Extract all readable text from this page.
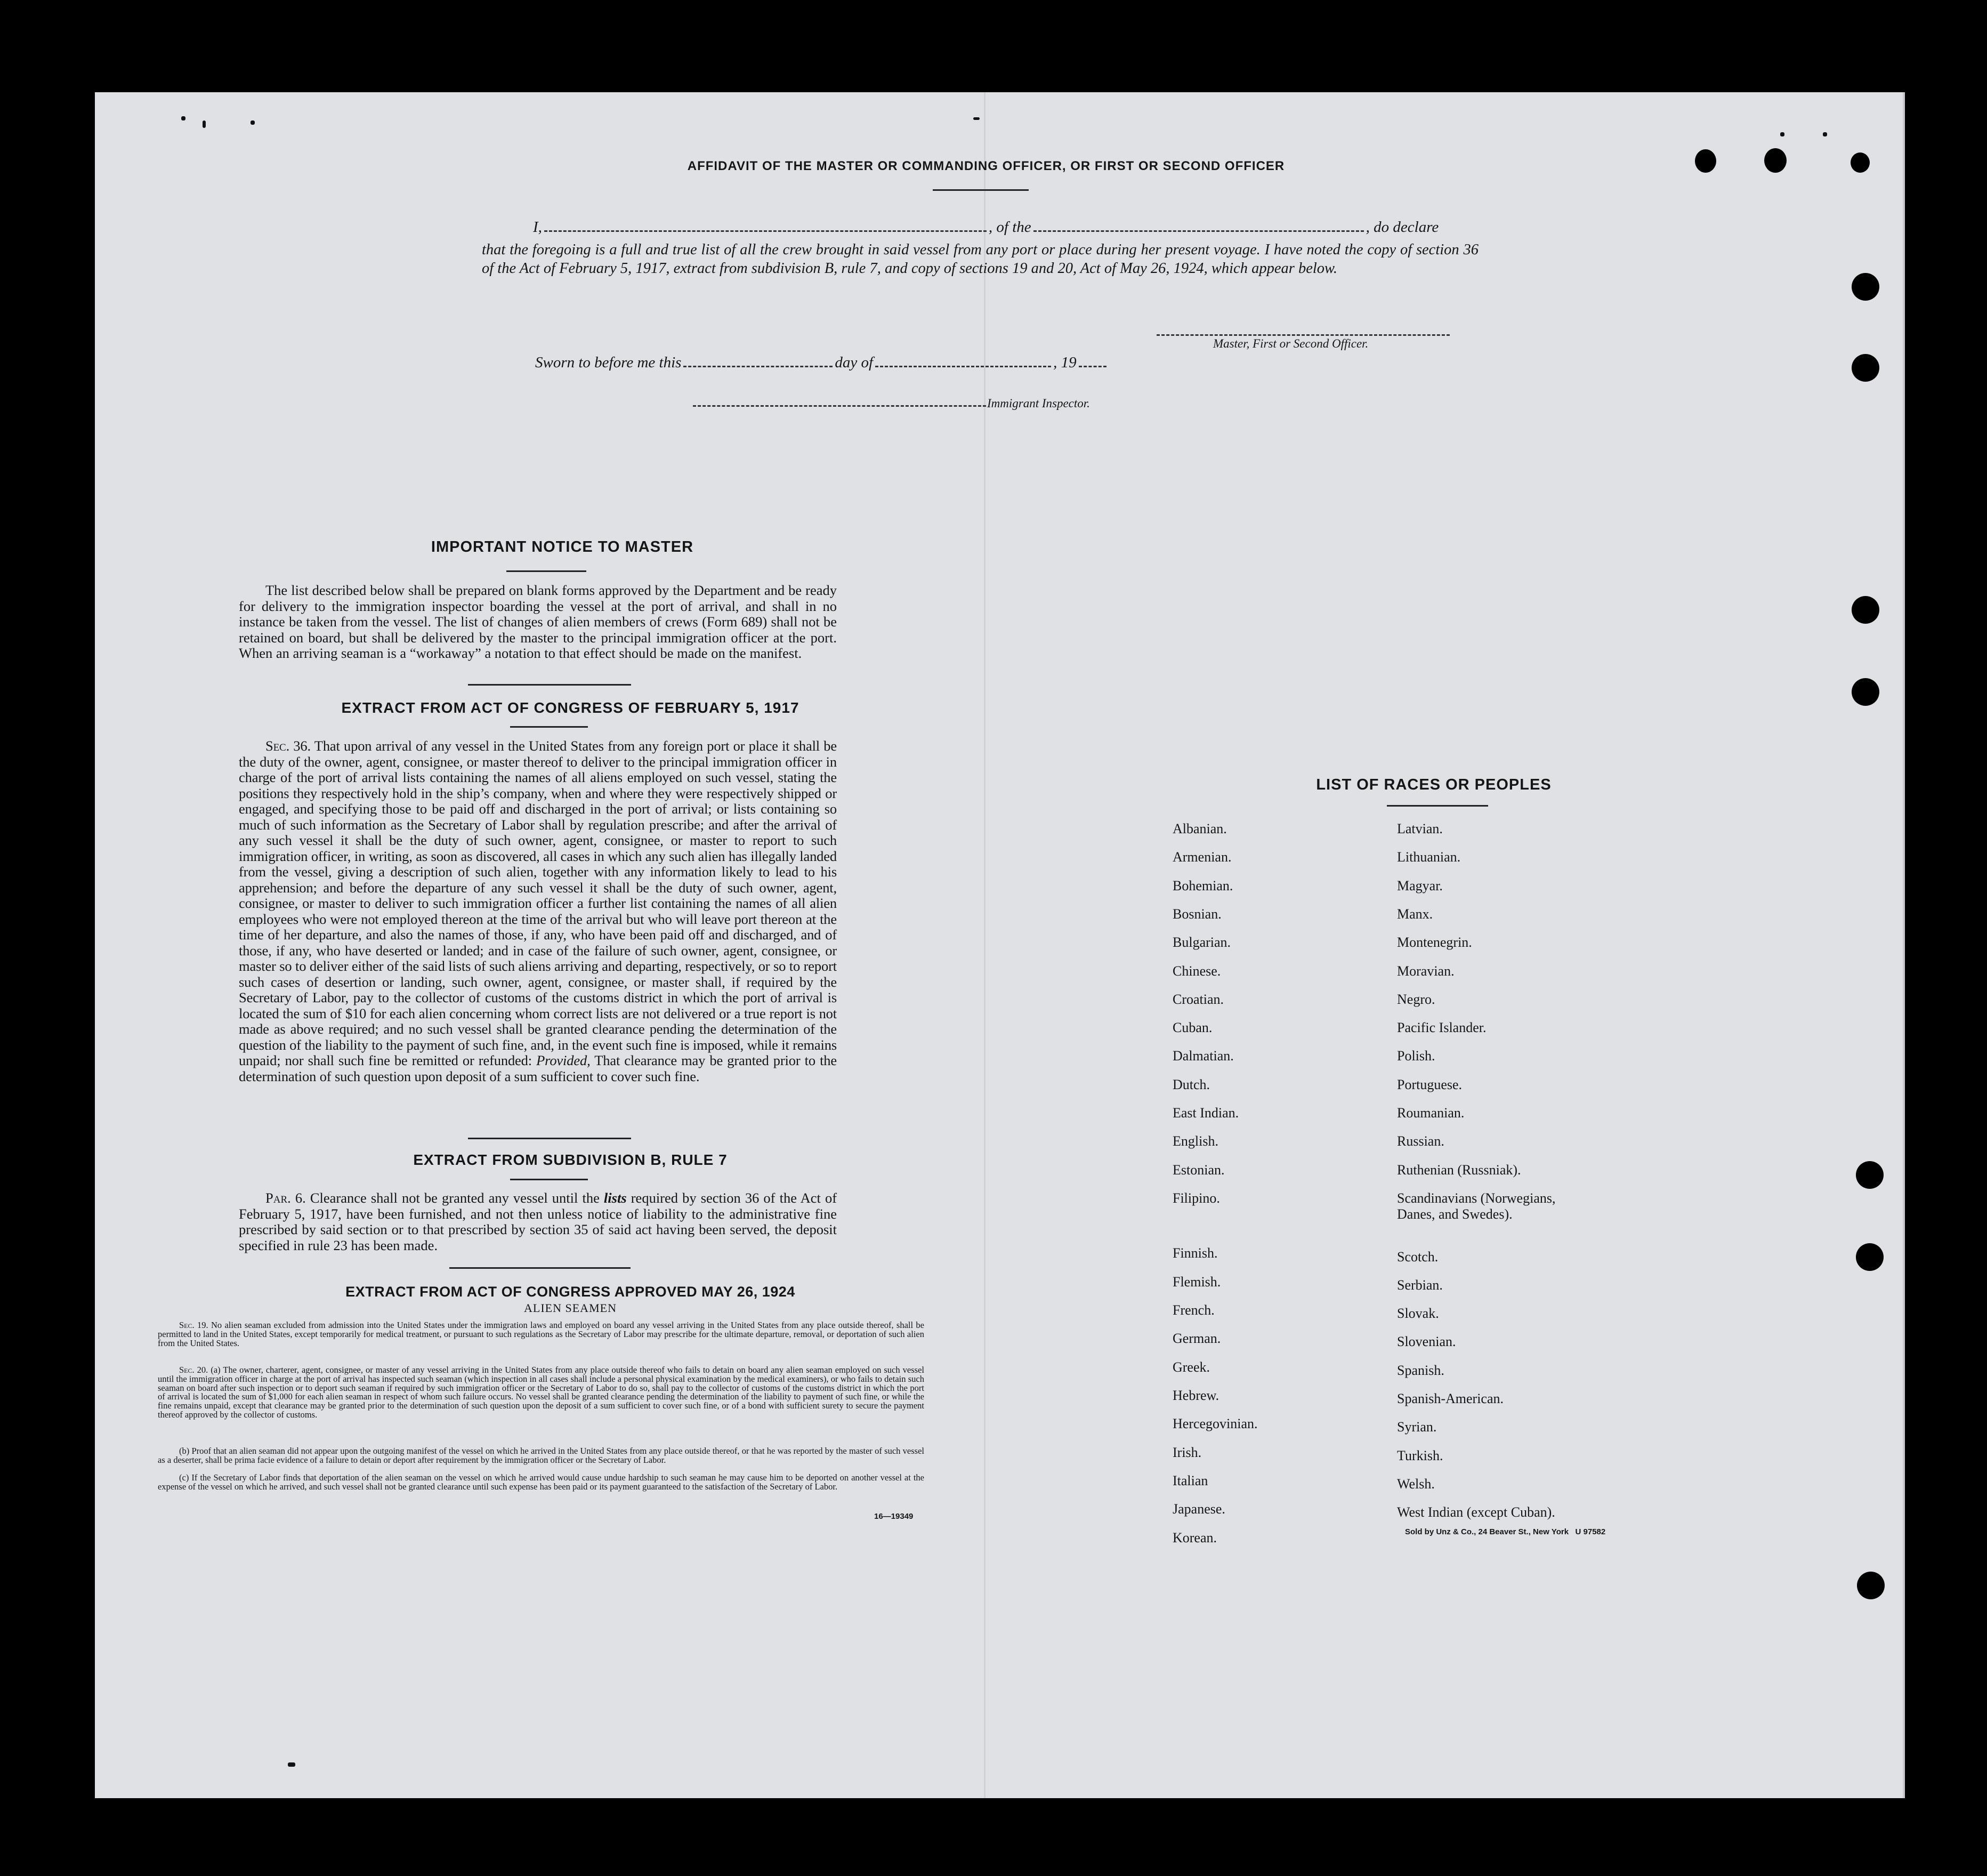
AFFIDAVIT OF THE MASTER OR COMMANDING OFFICER, OR FIRST OR SECOND OFFICER
I,	, of the	, do declare

that the foregoing is a full and true list of all the crew brought in said vessel from any port or place during her present voyage. I have noted the copy of section 36 of the Act of February 5, 1917, extract from subdivision B, rule 7, and copy of sections 19 and 20, Act of May 26, 1924, which appear below.

Master, First or Second Officer.
Sworn to before me this	day of	, 19
Immigrant Inspector.
IMPORTANT NOTICE TO MASTER

The list described below shall be prepared on blank forms approved by the Department and be ready for delivery to the immigration inspector boarding the vessel at the port of arrival, and shall in no instance be taken from the vessel. The list of changes of alien members of crews (Form 689) shall not be retained on board, but shall be delivered by the master to the principal immigration officer at the port. When an arriving seaman is a “workaway” a notation to that effect should be made on the manifest.

EXTRACT FROM ACT OF CONGRESS OF FEBRUARY 5, 1917

Sec. 36. That upon arrival of any vessel in the United States from any foreign port or place it shall be the duty of the owner, agent, consignee, or master thereof to deliver to the principal immigration officer in charge of the port of arrival lists containing the names of all aliens employed on such vessel, stating the positions they respectively hold in the ship’s company, when and where they were respectively shipped or engaged, and specifying those to be paid off and discharged in the port of arrival; or lists containing so much of such information as the Secretary of Labor shall by regulation prescribe; and after the arrival of any such vessel it shall be the duty of such owner, agent, consignee, or master to report to such immigration officer, in writing, as soon as discovered, all cases in which any such alien has illegally landed from the vessel, giving a description of such alien, together with any information likely to lead to his apprehension; and before the departure of any such vessel it shall be the duty of such owner, agent, consignee, or master to deliver to such immigration officer a further list containing the names of all alien employees who were not employed thereon at the time of the arrival but who will leave port thereon at the time of her departure, and also the names of those, if any, who have been paid off and discharged, and of those, if any, who have deserted or landed; and in case of the failure of such owner, agent, consignee, or master so to deliver either of the said lists of such aliens arriving and departing, respectively, or so to report such cases of desertion or landing, such owner, agent, consignee, or master shall, if required by the Secretary of Labor, pay to the collector of customs of the customs district in which the port of arrival is located the sum of $10 for each alien concerning whom correct lists are not delivered or a true report is not made as above required; and no such vessel shall be granted clearance pending the determination of the question of the liability to the payment of such fine, and, in the event such fine is imposed, while it remains unpaid; nor shall such fine be remitted or refunded: Provided, That clearance may be granted prior to the determination of such question upon deposit of a sum sufficient to cover such fine.

EXTRACT FROM SUBDIVISION B, RULE 7

Par. 6. Clearance shall not be granted any vessel until the lists required by section 36 of the Act of February 5, 1917, have been furnished, and not then unless notice of liability to the administrative fine prescribed by said section or to that prescribed by section 35 of said act having been served, the deposit specified in rule 23 has been made.

EXTRACT FROM ACT OF CONGRESS APPROVED MAY 26, 1924
ALIEN SEAMEN

Sec. 19. No alien seaman excluded from admission into the United States under the immigration laws and employed on board any vessel arriving in the United States from any place outside thereof, shall be permitted to land in the United States, except temporarily for medical treatment, or pursuant to such regulations as the Secretary of Labor may prescribe for the ultimate departure, removal, or deportation of such alien from the United States.

Sec. 20. (a) The owner, charterer, agent, consignee, or master of any vessel arriving in the United States from any place outside thereof who fails to detain on board any alien seaman employed on such vessel until the immigration officer in charge at the port of arrival has inspected such seaman (which inspection in all cases shall include a personal physical examination by the medical examiners), or who fails to detain such seaman on board after such inspection or to deport such seaman if required by such immigration officer or the Secretary of Labor to do so, shall pay to the collector of customs of the customs district in which the port of arrival is located the sum of $1,000 for each alien seaman in respect of whom such failure occurs. No vessel shall be granted clearance pending the determination of the liability to payment of such fine, or while the fine remains unpaid, except that clearance may be granted prior to the determination of such question upon the deposit of a sum sufficient to cover such fine, or of a bond with sufficient surety to secure the payment thereof approved by the collector of customs.

(b) Proof that an alien seaman did not appear upon the outgoing manifest of the vessel on which he arrived in the United States from any place outside thereof, or that he was reported by the master of such vessel as a deserter, shall be prima facie evidence of a failure to detain or deport after requirement by the immigration officer or the Secretary of Labor.

(c) If the Secretary of Labor finds that deportation of the alien seaman on the vessel on which he arrived would cause undue hardship to such seaman he may cause him to be deported on another vessel at the expense of the vessel on which he arrived, and such vessel shall not be granted clearance until such expense has been paid or its payment guaranteed to the satisfaction of the Secretary of Labor.

16—19349
LIST OF RACES OR PEOPLES
Albanian.
Armenian.
Bohemian.
Bosnian.
Bulgarian.
Chinese.
Croatian.
Cuban.
Dalmatian.
Dutch.
East Indian.
English.
Estonian.
Filipino.
Finnish.
Flemish.
French.
German.
Greek.
Hebrew.
Hercegovinian.
Irish.
Italian
Japanese.
Korean.
Latvian.
Lithuanian.
Magyar.
Manx.
Montenegrin.
Moravian.
Negro.
Pacific Islander.
Polish.
Portuguese.
Roumanian.
Russian.
Ruthenian (Russniak).
Scandinavians (Norwegians,
Danes, and Swedes).
Scotch.
Serbian.
Slovak.
Slovenian.
Spanish.
Spanish-American.
Syrian.
Turkish.
Welsh.
West Indian (except Cuban).
Sold by Unz & Co., 24 Beaver St., New York   U 97582
